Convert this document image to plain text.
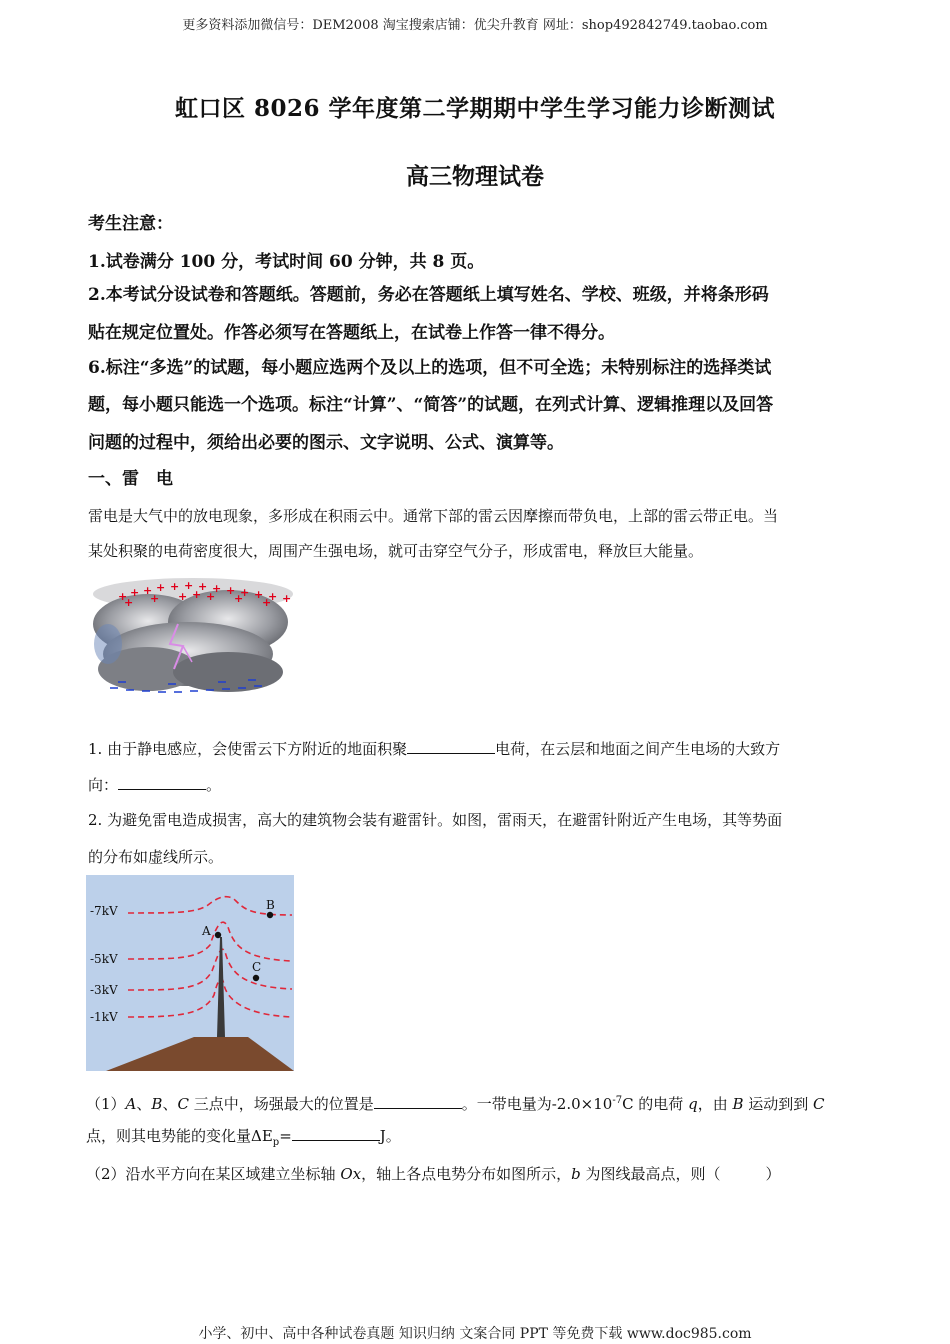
更多资料添加微信号：DEM2008 淘宝搜索店铺：优尖升教育 网址：shop492842749.taobao.com
虹口区 8026 学年度第二学期期中学生学习能力诊断测试
高三物理试卷
考生注意：
1.试卷满分 100 分，考试时间 60 分钟，共 8 页。
2.本考试分设试卷和答题纸。答题前，务必在答题纸上填写姓名、学校、班级，并将条形码
贴在规定位置处。作答必须写在答题纸上，在试卷上作答一律不得分。
6.标注“多选”的试题，每小题应选两个及以上的选项，但不可全选；未特别标注的选择类试
题，每小题只能选一个选项。标注“计算”、“简答”的试题，在列式计算、逻辑推理以及回答
问题的过程中，须给出必要的图示、文字说明、公式、演算等。
一、雷　电
雷电是大气中的放电现象，多形成在积雨云中。通常下部的雷云因摩擦而带负电，上部的雷云带正电。当
某处积聚的电荷密度很大，周围产生强电场，就可击穿空气分子，形成雷电，释放巨大能量。
+ + + + + + + + + + + +
+ + + + + + +
+
1. 由于静电感应，会使雷云下方附近的地面积聚	电荷，在云层和地面之间产生电场的大致方
向：	。
2. 为避免雷电造成损害，高大的建筑物会装有避雷针。如图，雷雨天，在避雷针附近产生电场，其等势面
的分布如虚线所示。
-7kV
-5kV
-3kV
-1kV
A
B
C
（1）A、B、C 三点中，场强最大的位置是	。一带电量为$-2.0\times 10^{-7}C$ 的电荷 q，由 B 运动到到 C
点，则其电势能的变化量$\Delta E_p=$	J。
（2）沿水平方向在某区域建立坐标轴 Ox，轴上各点电势分布如图所示，b 为图线最高点，则（　　　）
小学、初中、高中各种试卷真题 知识归纳 文案合同 PPT 等免费下载 www.doc985.com
